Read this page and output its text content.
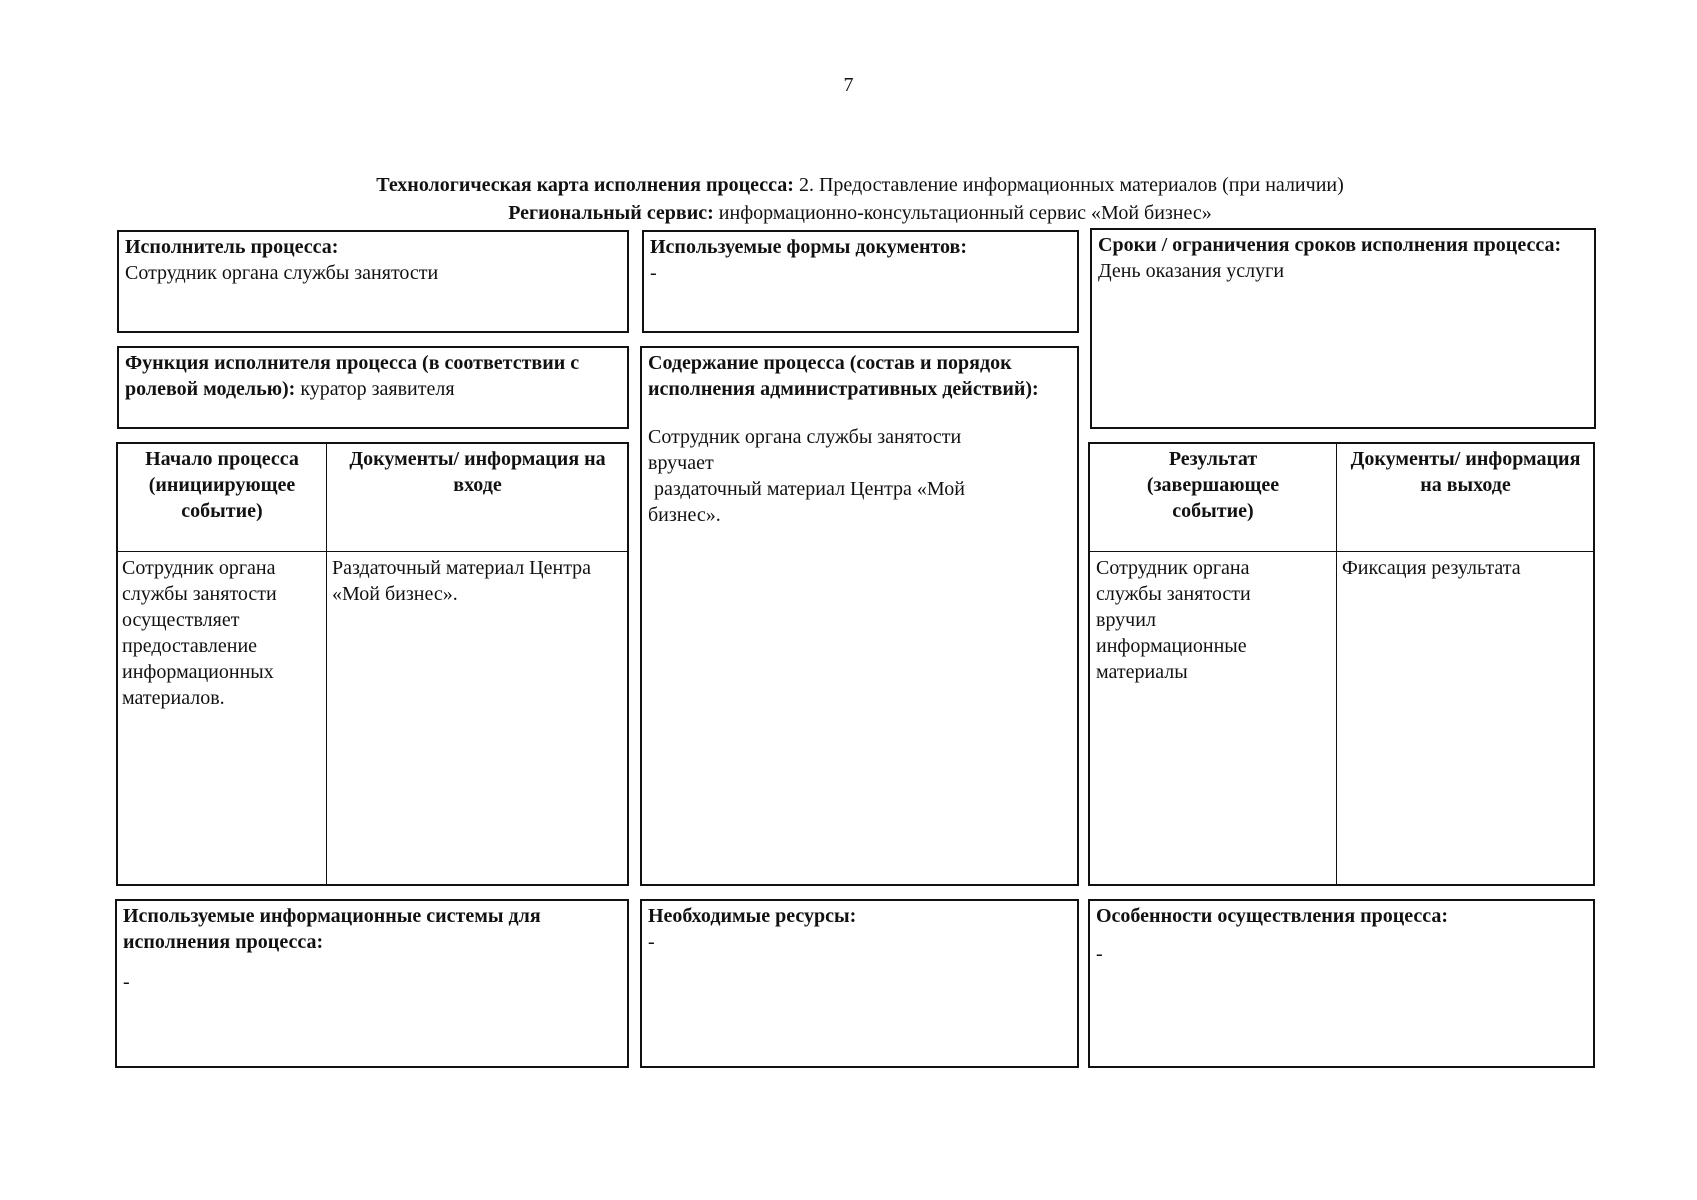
7
Технологическая карта исполнения процесса: 2. Предоставление информационных материалов (при наличии)
Региональный сервис: информационно-консультационный сервис «Мой бизнес»

Исполнитель процесса:

Сотрудник органа службы занятости

Используемые формы документов:

-

Сроки / ограничения сроков исполнения процесса:

День оказания услуги

Функция исполнителя процесса (в соответствии с ролевой моделью): куратор заявителя

Содержание процесса (состав и порядок исполнения административных действий):

Сотрудник органа службы занятости

вручает

раздаточный материал Центра «Мой

бизнес».

Начало процесса (инициирующее событие)
Документы/ информация на входе
Сотрудник органа службы занятости осуществляет предоставление информационных материалов.
Раздаточный материал Центра «Мой бизнес».
Результат (завершающее событие)
Документы/ информация на выходе
Сотрудник органа службы занятости вручил информационные материалы
Фиксация результата

Используемые информационные системы для исполнения процесса:

-

Необходимые ресурсы:

-

Особенности осуществления процесса:

-
